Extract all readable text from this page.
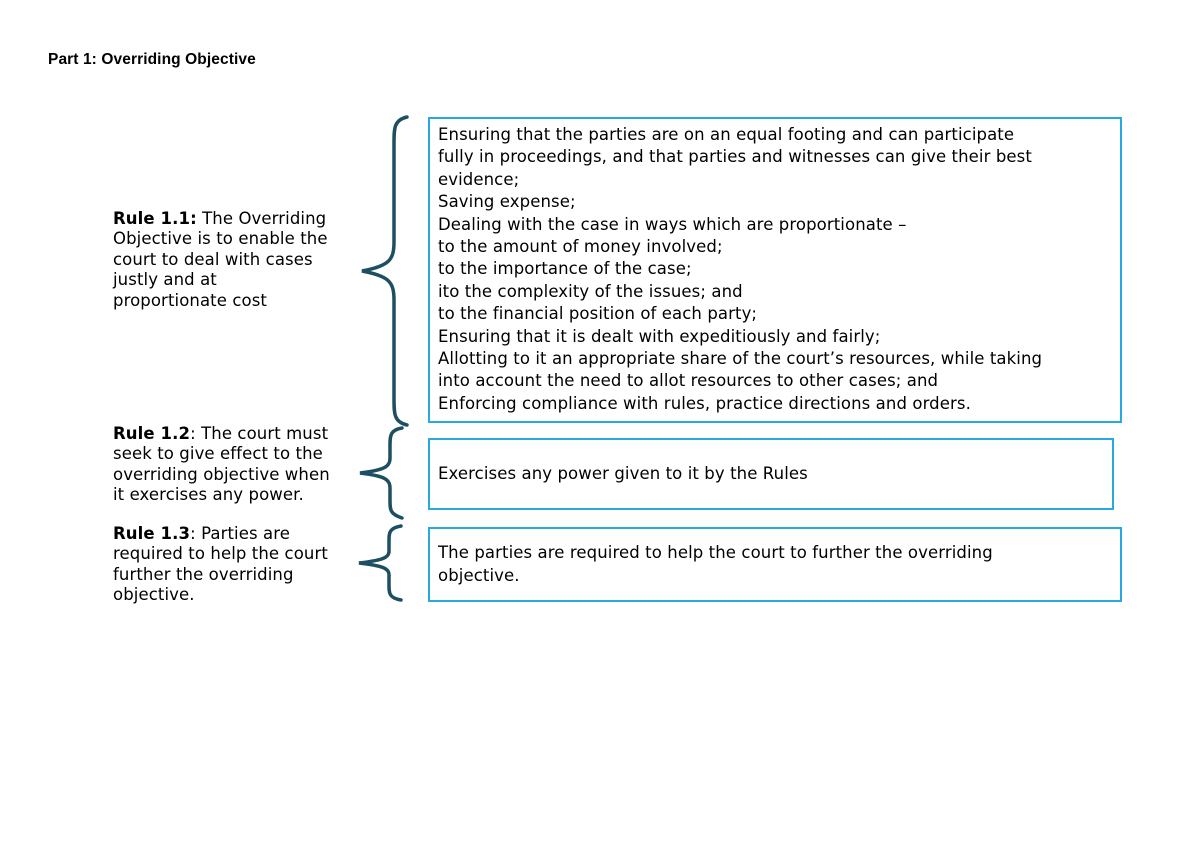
Part 1: Overriding Objective
Rule 1.1: The Overriding Objective is to enable the court to deal with cases justly and at proportionate cost
Rule 1.2: The court must seek to give effect to the overriding objective when it exercises any power.
Rule 1.3: Parties are required to help the court further the overriding objective.
Ensuring that the parties are on an equal footing and can participate
fully in proceedings, and that parties and witnesses can give their best
evidence;
Saving expense;
Dealing with the case in ways which are proportionate –
to the amount of money involved;
to the importance of the case;
ito the complexity of the issues; and
to the financial position of each party;
Ensuring that it is dealt with expeditiously and fairly;
Allotting to it an appropriate share of the court’s resources, while taking
into account the need to allot resources to other cases; and
Enforcing compliance with rules, practice directions and orders.
Exercises any power given to it by the Rules
The parties are required to help the court to further the overriding
objective.
